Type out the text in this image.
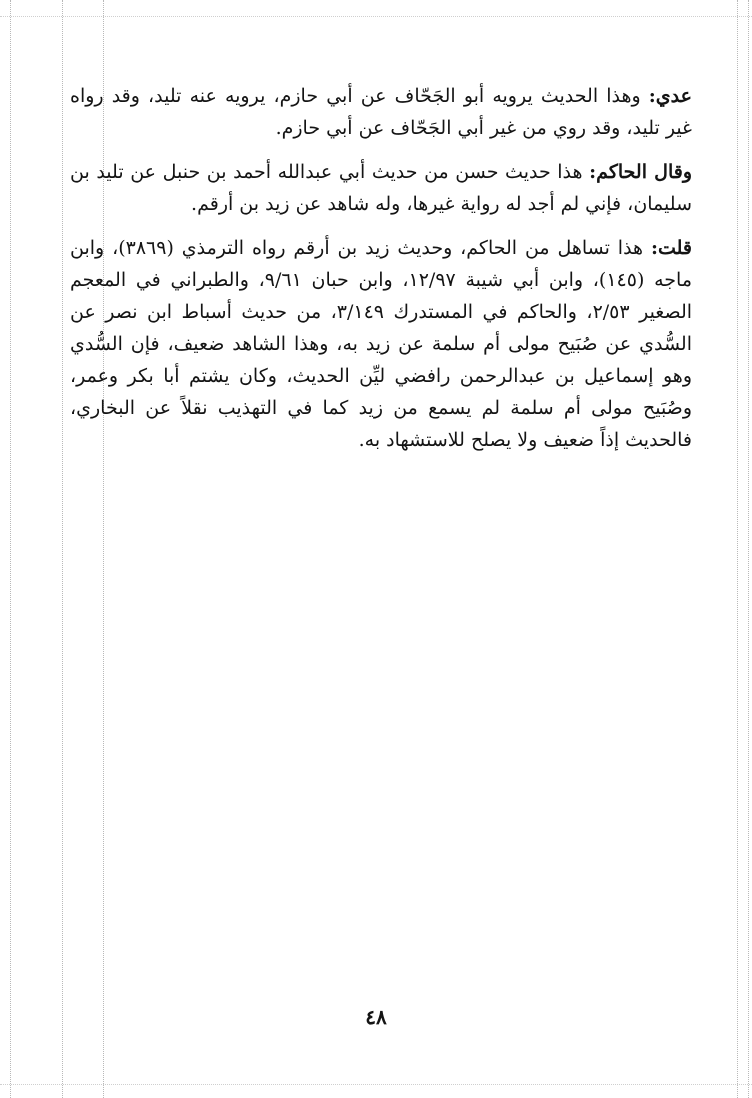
عدي: وهذا الحديث يرويه أبو الجَحّاف عن أبي حازم، يرويه عنه تليد، وقد رواه غير تليد، وقد روي من غير أبي الجَحّاف عن أبي حازم.

وقال الحاكم: هذا حديث حسن من حديث أبي عبدالله أحمد بن حنبل عن تليد بن سليمان، فإني لم أجد له رواية غيرها، وله شاهد عن زيد بن أرقم.

قلت: هذا تساهل من الحاكم، وحديث زيد بن أرقم رواه الترمذي (٣٨٦٩)، وابن ماجه (١٤٥)، وابن أبي شيبة ١٢/٩٧، وابن حبان ٩/٦١، والطبراني في المعجم الصغير ٢/٥٣، والحاكم في المستدرك ٣/١٤٩، من حديث أسباط ابن نصر عن السُّدي عن صُبَيح مولى أم سلمة عن زيد به، وهذا الشاهد ضعيف، فإن السُّدي وهو إسماعيل بن عبدالرحمن رافضي ليِّن الحديث، وكان يشتم أبا بكر وعمر، وصُبَيح مولى أم سلمة لم يسمع من زيد كما في التهذيب نقلاً عن البخاري، فالحديث إذاً ضعيف ولا يصلح للاستشهاد به.

٤٨
